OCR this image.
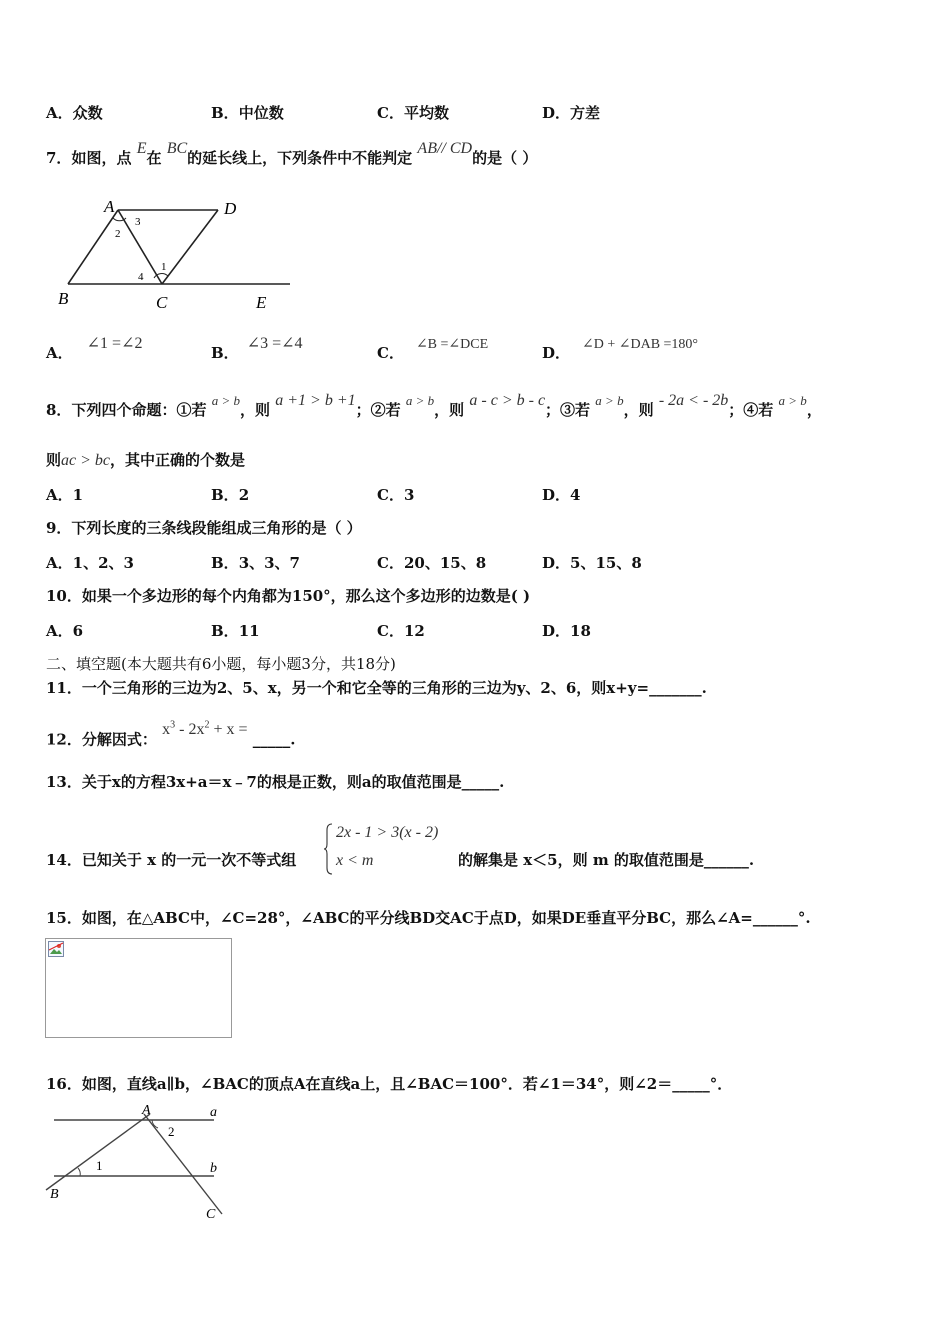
A．众数	B．中位数	C．平均数	D．方差
7．如图，点 E在 BC的延长线上，下列条件中不能判定 AB// CD的是（ ）
A	D
B	C	E
1
2
3
4
A．∠1 =∠2
B．∠3 =∠4
C． ∠B =∠DCE	D． ∠D + ∠DAB =180°
8．下列四个命题：①若 a > b，则 a +1 > b +1；②若 a > b，则 a - c > b - c；③若 a > b，则 - 2a < - 2b；④若 a > b，
则ac > bc，其中正确的个数是
A．1	B．2	C．3	D．4
9．下列长度的三条线段能组成三角形的是（ ）
A．1、2、3	B．3、3、7	C．20、15、8	D．5、15、8
10．如果一个多边形的每个内角都为150°，那么这个多边形的边数是( )
A．6	B．11	C．12	D．18
二、填空题(本大题共有6小题，每小题3分，共18分)
11．一个三角形的三边为2、5、x，另一个和它全等的三角形的三边为y、2、6，则x+y=_______.
12．分解因式： $x^3 - 2x^2 + x$ = _____.
13．关于x的方程3x+a＝x﹣7的根是正数，则a的取值范围是_____.
14．已知关于 x 的一元一次不等式组
2x - 1 > 3(x - 2)
x < m	的解集是 x＜5，则 m 的取值范围是______.
15．如图，在△ABC中，∠C=28°，∠ABC的平分线BD交AC于点D，如果DE垂直平分BC，那么∠A=______°.
16．如图，直线a∥b，∠BAC的顶点A在直线a上，且∠BAC＝100°．若∠1＝34°，则∠2＝_____°．
A	a
b
B
C
1
2
